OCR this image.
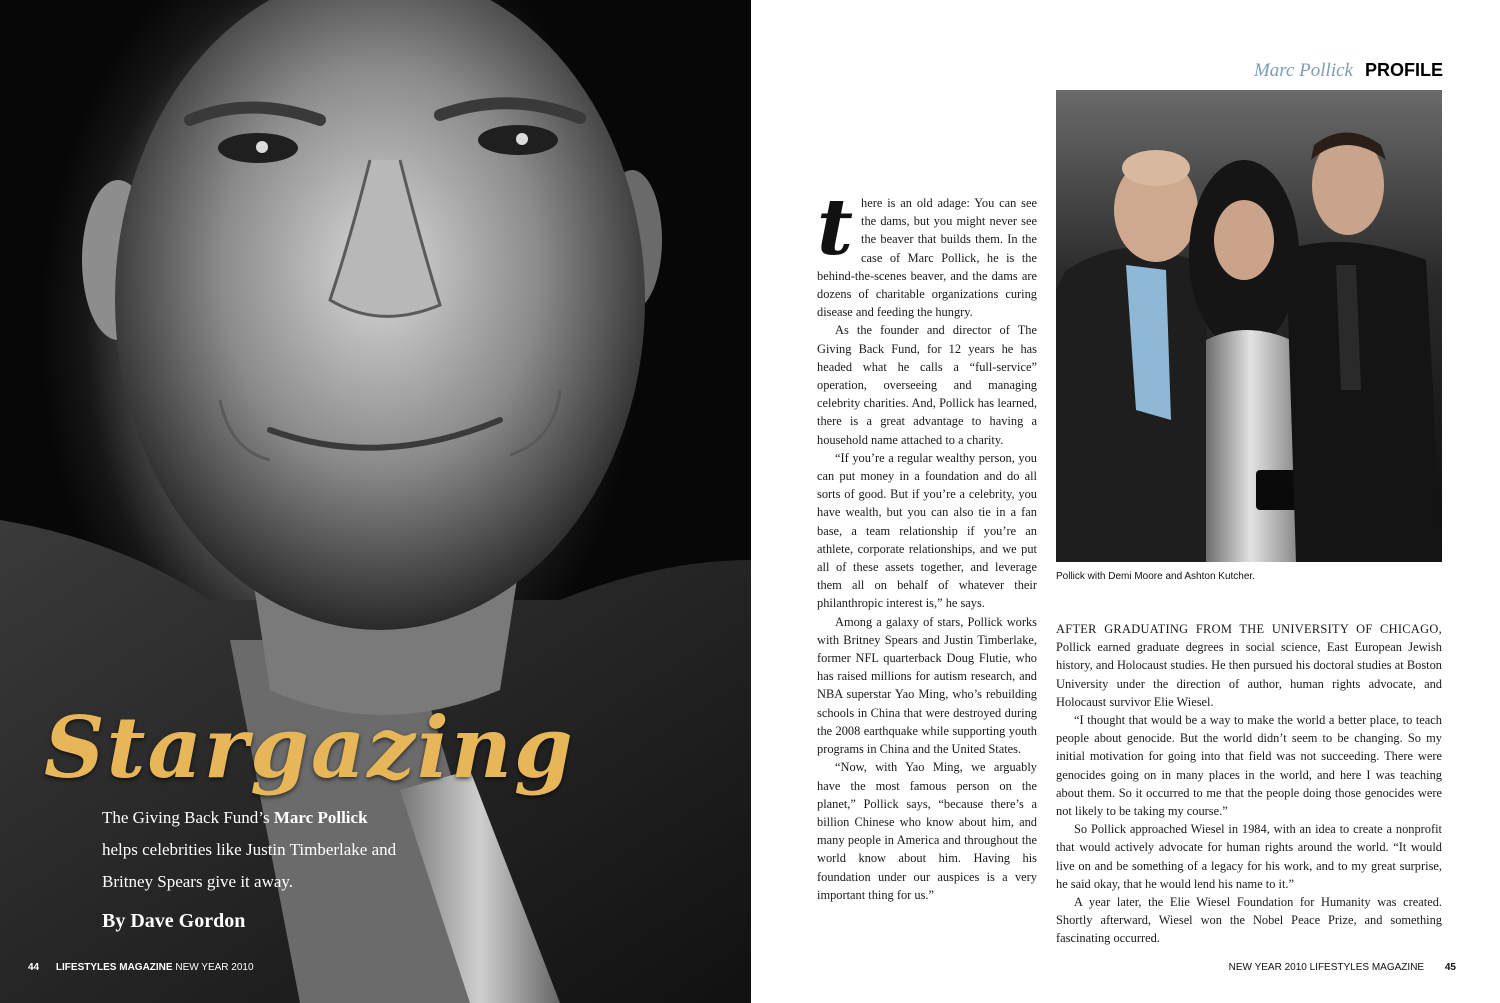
Stargazing

The Giving Back Fund’s Marc Pollick helps celebrities like Justin Timberlake and Britney Spears give it away.

By Dave Gordon

44 LIFESTYLES MAGAZINE NEW YEAR 2010
Marc Pollick PROFILE

there is an old adage: You can see the dams, but you might never see the beaver that builds them. In the case of Marc Pollick, he is the behind-the-scenes beaver, and the dams are dozens of charitable organizations curing disease and feeding the hungry.

As the founder and director of The Giving Back Fund, for 12 years he has headed what he calls a “full-service” operation, overseeing and managing celebrity charities. And, Pollick has learned, there is a great advantage to having a household name attached to a charity.

“If you’re a regular wealthy person, you can put money in a foundation and do all sorts of good. But if you’re a celebrity, you have wealth, but you can also tie in a fan base, a team relationship if you’re an athlete, corporate relationships, and we put all of these assets together, and leverage them all on behalf of whatever their philanthropic interest is,” he says.

Among a galaxy of stars, Pollick works with Britney Spears and Justin Timberlake, former NFL quarterback Doug Flutie, who has raised millions for autism research, and NBA superstar Yao Ming, who’s rebuilding schools in China that were destroyed during the 2008 earthquake while supporting youth programs in China and the United States.

“Now, with Yao Ming, we arguably have the most famous person on the planet,” Pollick says, “because there’s a billion Chinese who know about him, and many people in America and throughout the world know about him. Having his foundation under our auspices is a very important thing for us.”

Pollick with Demi Moore and Ashton Kutcher.

AFTER GRADUATING FROM THE UNIVERSITY OF CHICAGO, Pollick earned graduate degrees in social science, East European Jewish history, and Holocaust studies. He then pursued his doctoral studies at Boston University under the direction of author, human rights advocate, and Holocaust survivor Elie Wiesel.

“I thought that would be a way to make the world a better place, to teach people about genocide. But the world didn’t seem to be changing. So my initial motivation for going into that field was not succeeding. There were genocides going on in many places in the world, and here I was teaching about them. So it occurred to me that the people doing those genocides were not likely to be taking my course.”

So Pollick approached Wiesel in 1984, with an idea to create a nonprofit that would actively advocate for human rights around the world. “It would live on and be something of a legacy for his work, and to my great surprise, he said okay, that he would lend his name to it.”

A year later, the Elie Wiesel Foundation for Humanity was created. Shortly afterward, Wiesel won the Nobel Peace Prize, and something fascinating occurred.

NEW YEAR 2010 LIFESTYLES MAGAZINE 45
